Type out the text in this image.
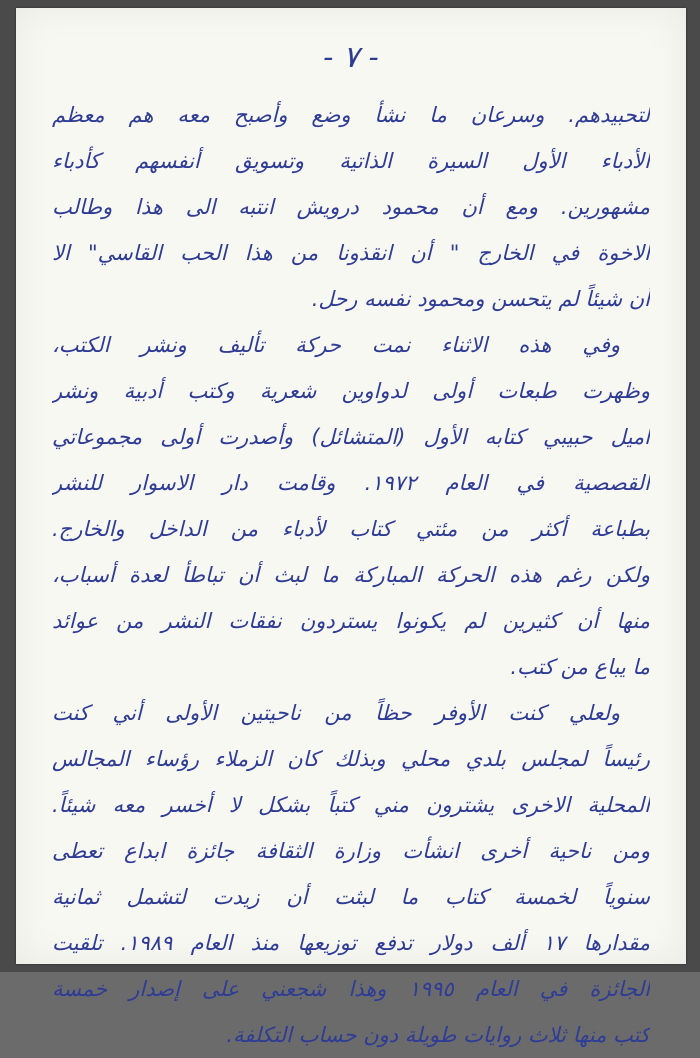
- ٧ -
لتحبيدهم. وسرعان ما نشأ وضع وأصبح معه هم معظم
الأدباء الأول السيرة الذاتية وتسويق أنفسهم كأدباء
مشهورين. ومع أن محمود درويش انتبه الى هذا وطالب
الاخوة في الخارج " أن انقذونا من هذا الحب القاسي" الا
أن شيئاً لم يتحسن ومحمود نفسه رحل.
وفي هذه الاثناء نمت حركة تأليف ونشر الكتب،
وظهرت طبعات أولى لدواوين شعرية وكتب أدبية ونشر
اميل حبيبي كتابه الأول (المتشائل) وأصدرت أولى مجموعاتي
القصصية في العام ١٩٧٢. وقامت دار الاسوار للنشر
بطباعة أكثر من مئتي كتاب لأدباء من الداخل والخارج.
ولكن رغم هذه الحركة المباركة ما لبث أن تباطأ لعدة أسباب،
منها أن كثيرين لم يكونوا يستردون نفقات النشر من عوائد
ما يباع من كتب.
ولعلي كنت الأوفر حظاً من ناحيتين الأولى أني كنت
رئيساً لمجلس بلدي محلي وبذلك كان الزملاء رؤساء المجالس
المحلية الاخرى يشترون مني كتباً بشكل لا أخسر معه شيئاً.
ومن ناحية أخرى انشأت وزارة الثقافة جائزة ابداع تعطى
سنوياً لخمسة كتاب ما لبثت أن زيدت لتشمل ثمانية
مقدارها ١٧ ألف دولار تدفع توزيعها منذ العام ١٩٨٩. تلقيت
الجائزة في العام ١٩٩٥ وهذا شجعني على إصدار خمسة
كتب منها ثلاث روايات طويلة دون حساب التكلفة.
